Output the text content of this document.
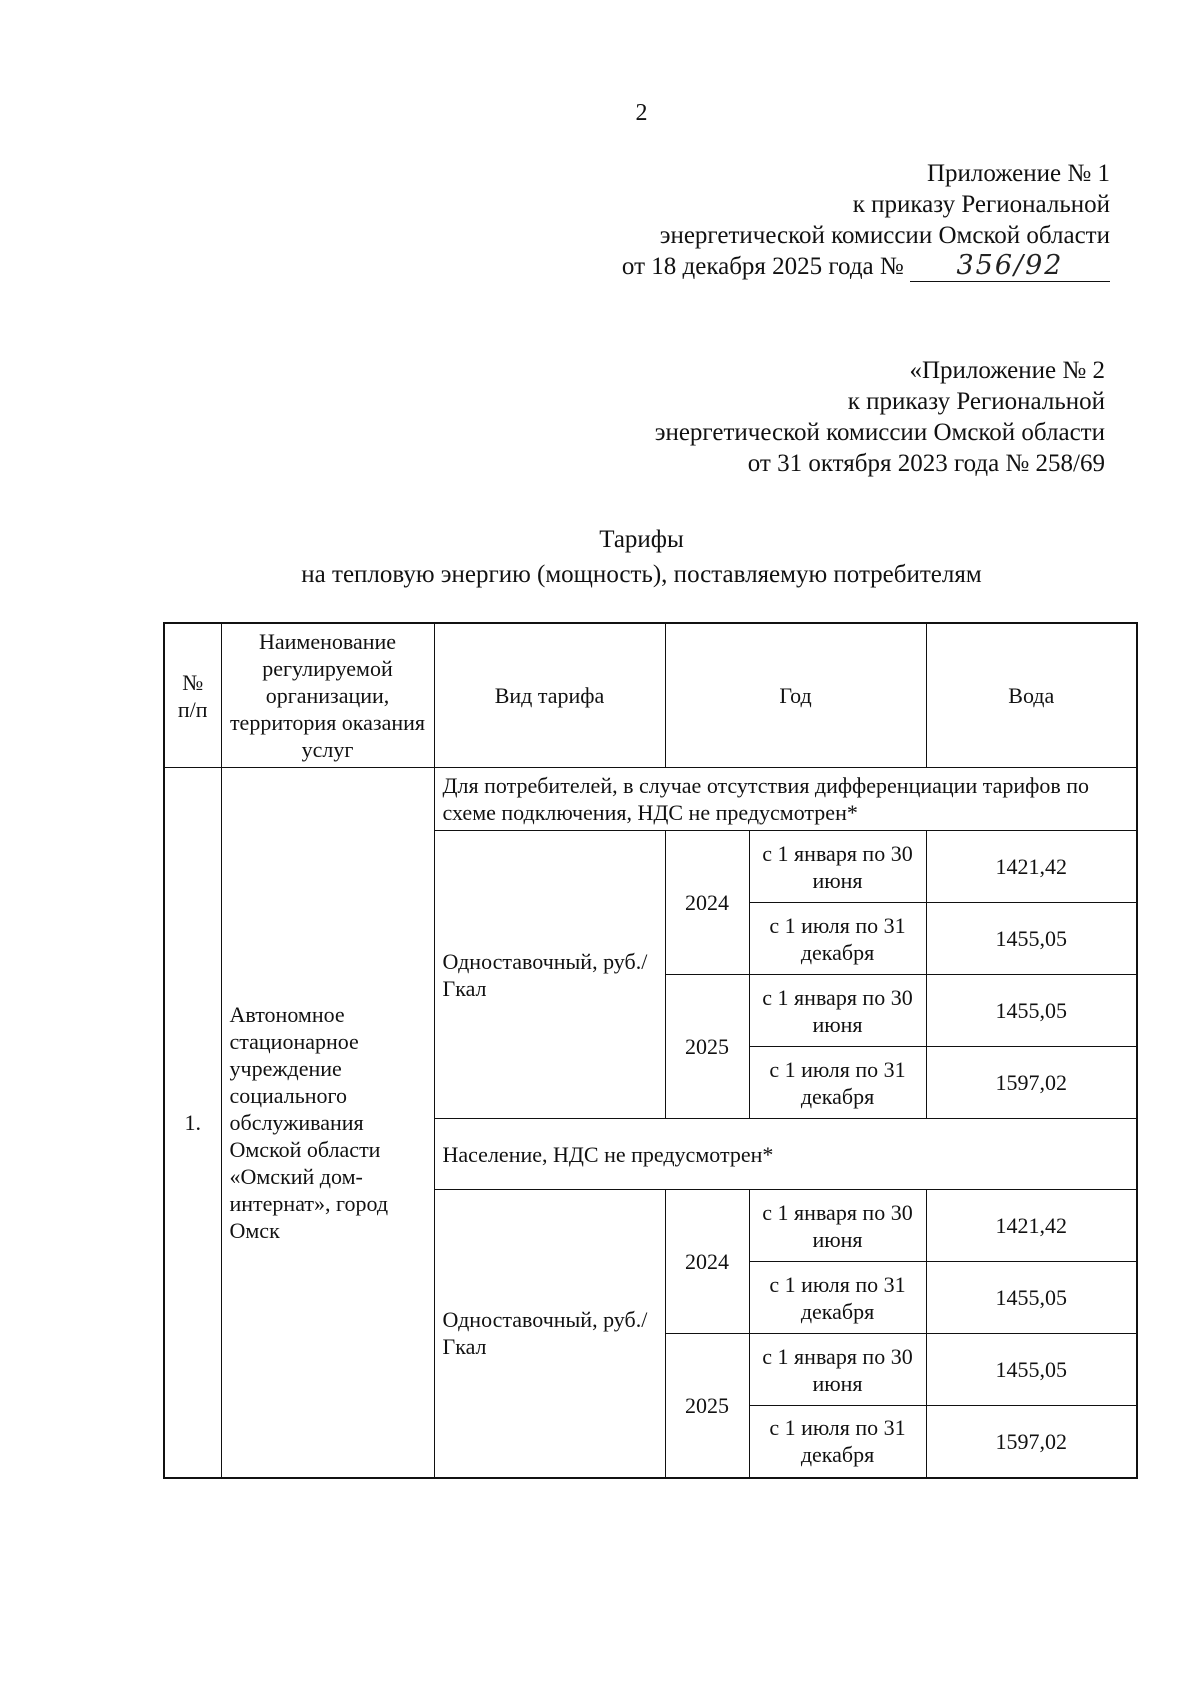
2
Приложение № 1
к приказу Региональной
энергетической комиссии Омской области
от 18 декабря 2025 года № 356/92
«Приложение № 2
к приказу Региональной
энергетической комиссии Омской области
от 31 октября 2023 года № 258/69
Тарифы
на тепловую энергию (мощность), поставляемую потребителям
№ п/п	Наименование регулируемой организации, территория оказания услуг	Вид тарифа	Год		Вода
1.	Автономное стационарное учреждение социального обслуживания Омской области «Омский дом-интернат», город Омск	Для потребителей, в случае отсутствия дифференциации тарифов по схеме подключения, НДС не предусмотрен*			
		Одноставочный, руб./Гкал	2024	с 1 января по 30 июня	1421,42
				с 1 июля по 31 декабря	1455,05
			2025	с 1 января по 30 июня	1455,05
				с 1 июля по 31 декабря	1597,02
		Население, НДС не предусмотрен*			
		Одноставочный, руб./Гкал	2024	с 1 января по 30 июня	1421,42
				с 1 июля по 31 декабря	1455,05
			2025	с 1 января по 30 июня	1455,05
				с 1 июля по 31 декабря	1597,02
